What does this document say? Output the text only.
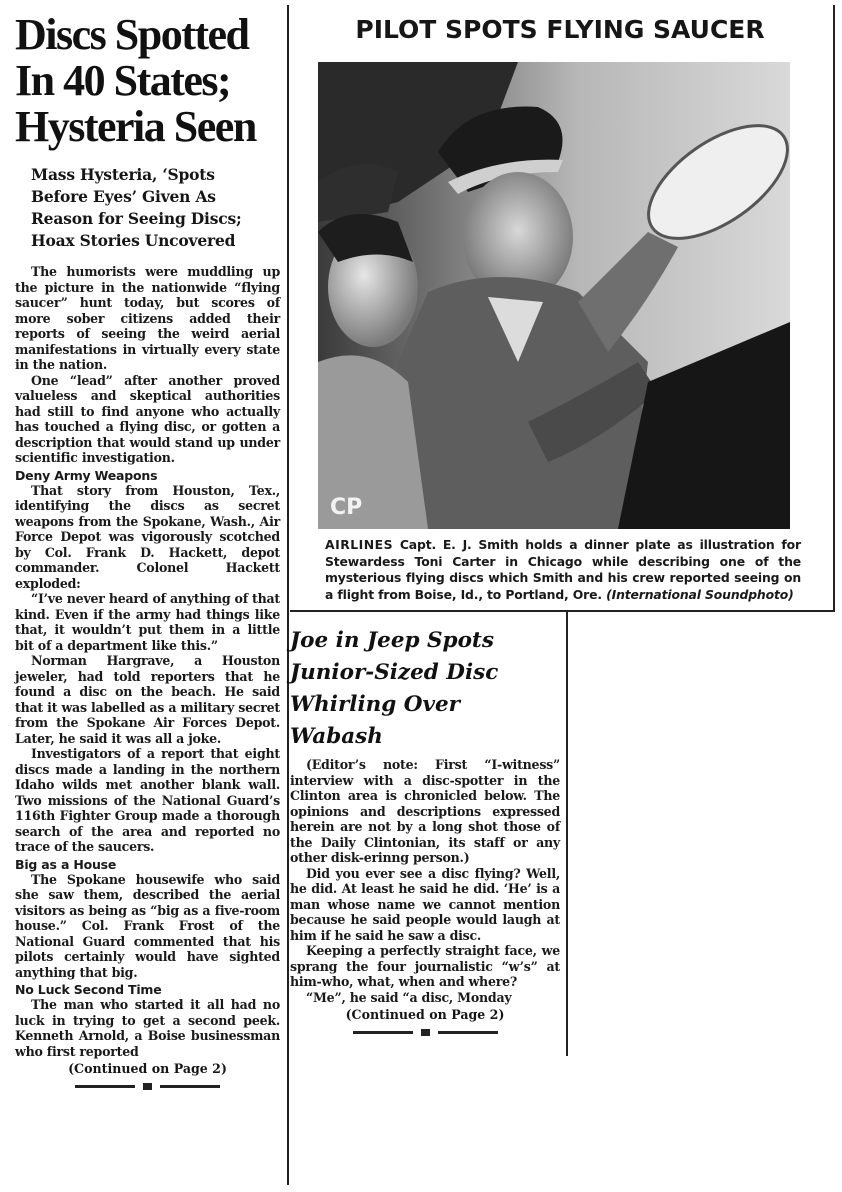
Discs Spotted
In 40 States;
Hysteria Seen
Mass Hysteria, ‘Spots
Before Eyes’ Given As
Reason for Seeing Discs;
Hoax Stories Uncovered

The humorists were muddling up the picture in the nationwide “flying saucer” hunt today, but scores of more sober citizens added their reports of seeing the weird aerial manifestations in virtually every state in the nation.

One “lead” after another proved valueless and skeptical authorities had still to find anyone who actually has touched a flying disc, or gotten a description that would stand up under scientific investigation.

Deny Army Weapons

That story from Houston, Tex., identifying the discs as secret weapons from the Spokane, Wash., Air Force Depot was vigorously scotched by Col. Frank D. Hackett, depot commander. Colonel Hackett exploded:

“I’ve never heard of anything of that kind. Even if the army had things like that, it wouldn’t put them in a little bit of a department like this.”

Norman Hargrave, a Houston jeweler, had told reporters that he found a disc on the beach. He said that it was labelled as a military secret from the Spokane Air Forces Depot. Later, he said it was all a joke.

Investigators of a report that eight discs made a landing in the northern Idaho wilds met another blank wall. Two missions of the National Guard’s 116th Fighter Group made a thorough search of the area and reported no trace of the saucers.

Big as a House

The Spokane housewife who said she saw them, described the aerial visitors as being as “big as a five-room house.” Col. Frank Frost of the National Guard commented that his pilots certainly would have sighted anything that big.

No Luck Second Time

The man who started it all had no luck in trying to get a second peek. Kenneth Arnold, a Boise businessman who first reported

(Continued on Page 2)
PILOT SPOTS FLYING SAUCER
CP
AIRLINES Capt. E. J. Smith holds a dinner plate as illustration for Stewardess Toni Carter in Chicago while describing one of the mysterious flying discs which Smith and his crew reported seeing on a flight from Boise, Id., to Portland, Ore. (International Soundphoto)
Joe in Jeep Spots
Junior-Sized Disc
Whirling Over Wabash

(Editor’s note: First “I-witness” interview with a disc-spotter in the Clinton area is chronicled below. The opinions and descriptions expressed herein are not by a long shot those of the Daily Clintonian, its staff or any other disk-erinng person.)

Did you ever see a disc flying? Well, he did. At least he said he did. ‘He’ is a man whose name we cannot mention because he said people would laugh at him if he said he saw a disc.

Keeping a perfectly straight face, we sprang the four journalistic “w’s” at him-who, what, when and where?

“Me”, he said “a disc, Monday

(Continued on Page 2)
